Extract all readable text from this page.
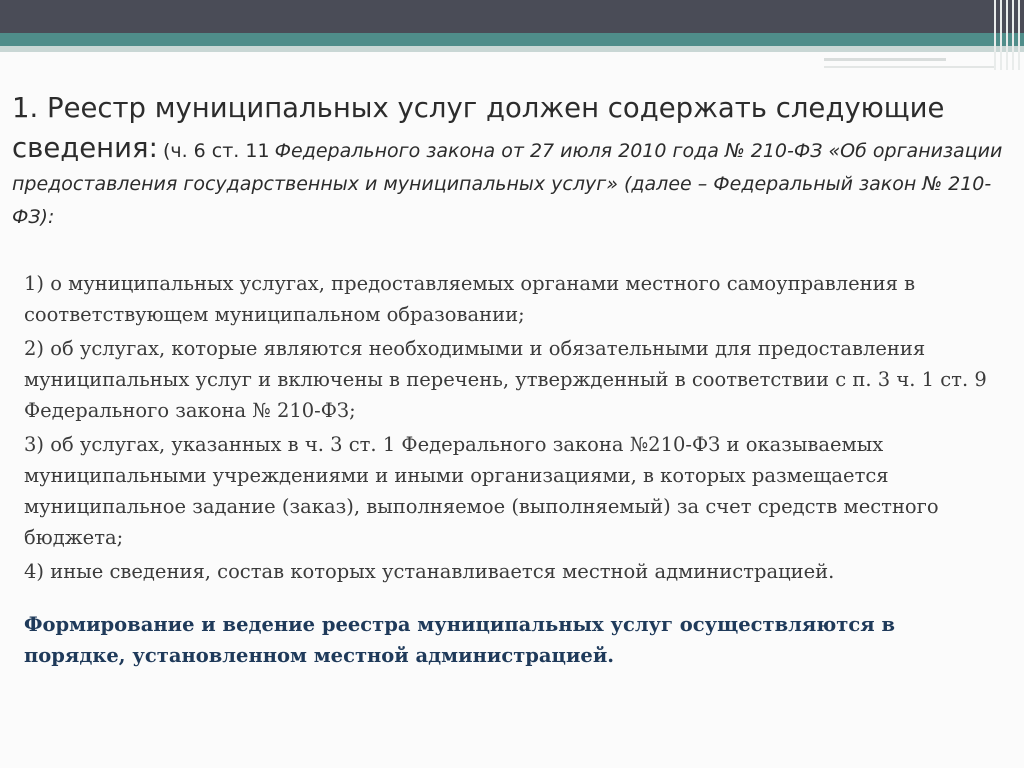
1. Реестр муниципальных услуг должен содержать следующие сведения: (ч. 6 ст. 11 Федерального закона от 27 июля 2010 года № 210-ФЗ «Об организации предоставления государственных и муниципальных услуг» (далее – Федеральный закон № 210-ФЗ):

1) о муниципальных услугах, предоставляемых органами местного самоуправления в соответствующем муниципальном образовании;

2) об услугах, которые являются необходимыми и обязательными для предоставления муниципальных услуг и включены в перечень, утвержденный в соответствии с п. 3 ч. 1 ст. 9 Федерального закона № 210-ФЗ;

3) об услугах, указанных в ч. 3 ст. 1 Федерального закона №210-ФЗ и оказываемых муниципальными учреждениями и иными организациями, в которых размещается муниципальное задание (заказ), выполняемое (выполняемый) за счет средств местного бюджета;

4) иные сведения, состав которых устанавливается местной администрацией.

Формирование и ведение реестра муниципальных услуг осуществляются в порядке, установленном местной администрацией.
